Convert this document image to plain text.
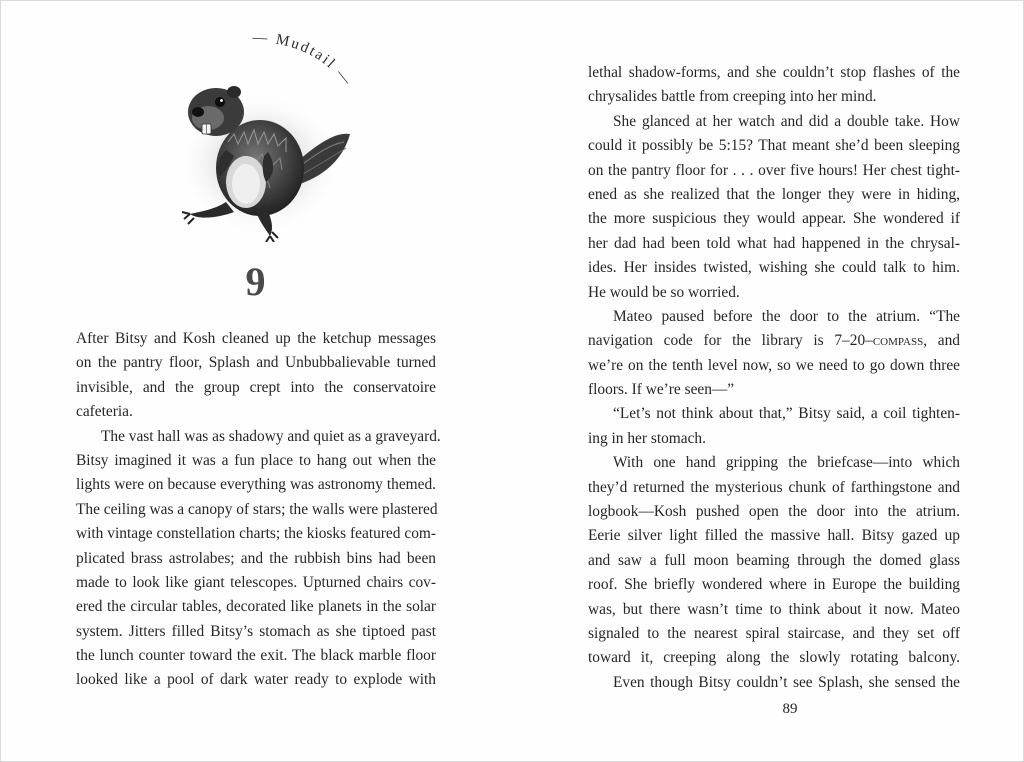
— Mudtail —
9
After Bitsy and Kosh cleaned up the ketchup messages
on the pantry floor, Splash and Unbubbalievable turned
invisible, and the group crept into the conservatoire
cafeteria.
The vast hall was as shadowy and quiet as a graveyard.
Bitsy imagined it was a fun place to hang out when the
lights were on because everything was astronomy themed.
The ceiling was a canopy of stars; the walls were plastered
with vintage constellation charts; the kiosks featured com-
plicated brass astrolabes; and the rubbish bins had been
made to look like giant telescopes. Upturned chairs cov-
ered the circular tables, decorated like planets in the solar
system. Jitters filled Bitsy’s stomach as she tiptoed past
the lunch counter toward the exit. The black marble floor
looked like a pool of dark water ready to explode with
lethal shadow-forms, and she couldn’t stop flashes of the
chrysalides battle from creeping into her mind.
She glanced at her watch and did a double take. How
could it possibly be 5:15? That meant she’d been sleeping
on the pantry floor for . . . over five hours! Her chest tight-
ened as she realized that the longer they were in hiding,
the more suspicious they would appear. She wondered if
her dad had been told what had happened in the chrysal-
ides. Her insides twisted, wishing she could talk to him.
He would be so worried.
Mateo paused before the door to the atrium. “The
navigation code for the library is 7–20–compass, and
we’re on the tenth level now, so we need to go down three
floors. If we’re seen—”
“Let’s not think about that,” Bitsy said, a coil tighten-
ing in her stomach.
With one hand gripping the briefcase—into which
they’d returned the mysterious chunk of farthingstone and
logbook—Kosh pushed open the door into the atrium.
Eerie silver light filled the massive hall. Bitsy gazed up
and saw a full moon beaming through the domed glass
roof. She briefly wondered where in Europe the building
was, but there wasn’t time to think about it now. Mateo
signaled to the nearest spiral staircase, and they set off
toward it, creeping along the slowly rotating balcony.
Even though Bitsy couldn’t see Splash, she sensed the
89
